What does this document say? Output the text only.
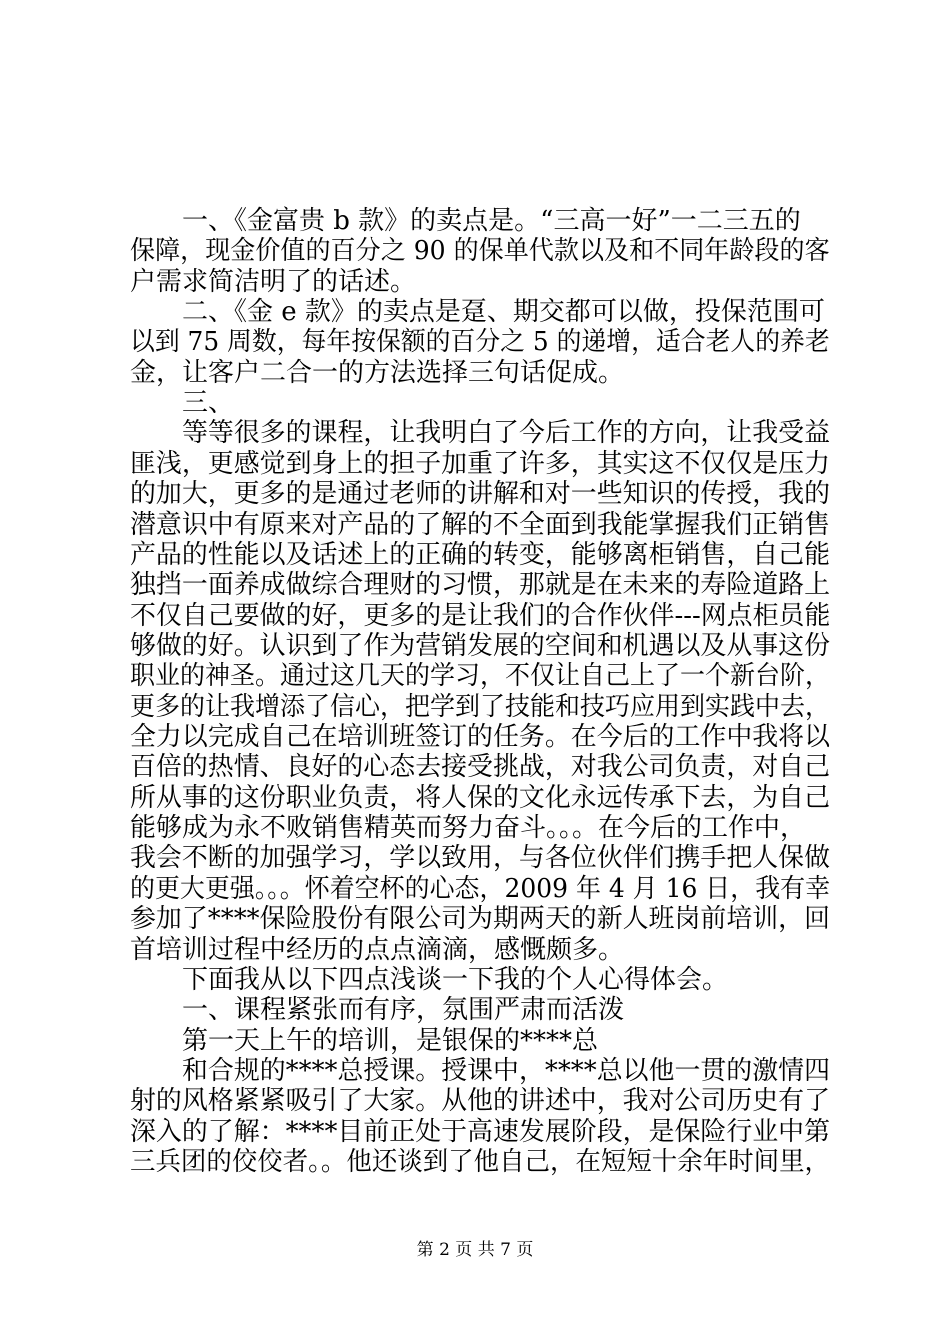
一、《金富贵 b 款》的卖点是。“三高一好”一二三五的
保障，现金价值的百分之 90 的保单代款以及和不同年龄段的客
户需求简洁明了的话述。
二、《金 e 款》的卖点是趸、期交都可以做，投保范围可
以到 75 周数，每年按保额的百分之 5 的递增，适合老人的养老
金，让客户二合一的方法选择三句话促成。
三、
等等很多的课程，让我明白了今后工作的方向，让我受益
匪浅，更感觉到身上的担子加重了许多，其实这不仅仅是压力
的加大，更多的是通过老师的讲解和对一些知识的传授，我的
潜意识中有原来对产品的了解的不全面到我能掌握我们正销售
产品的性能以及话述上的正确的转变，能够离柜销售，自己能
独挡一面养成做综合理财的习惯，那就是在未来的寿险道路上
不仅自己要做的好，更多的是让我们的合作伙伴---网点柜员能
够做的好。认识到了作为营销发展的空间和机遇以及从事这份
职业的神圣。通过这几天的学习，不仅让自己上了一个新台阶，
更多的让我增添了信心，把学到了技能和技巧应用到实践中去，
全力以完成自己在培训班签订的任务。在今后的工作中我将以
百倍的热情、良好的心态去接受挑战，对我公司负责，对自己
所从事的这份职业负责，将人保的文化永远传承下去，为自己
能够成为永不败销售精英而努力奋斗。。。在今后的工作中，
我会不断的加强学习，学以致用，与各位伙伴们携手把人保做
的更大更强。。。怀着空杯的心态，2009 年 4 月 16 日，我有幸
参加了****保险股份有限公司为期两天的新人班岗前培训，回
首培训过程中经历的点点滴滴，感慨颇多。
下面我从以下四点浅谈一下我的个人心得体会。
一、课程紧张而有序，氛围严肃而活泼
第一天上午的培训，是银保的****总
和合规的****总授课。授课中，****总以他一贯的激情四
射的风格紧紧吸引了大家。从他的讲述中，我对公司历史有了
深入的了解：****目前正处于高速发展阶段，是保险行业中第
三兵团的佼佼者。。他还谈到了他自己，在短短十余年时间里，
第 2 页 共 7 页
